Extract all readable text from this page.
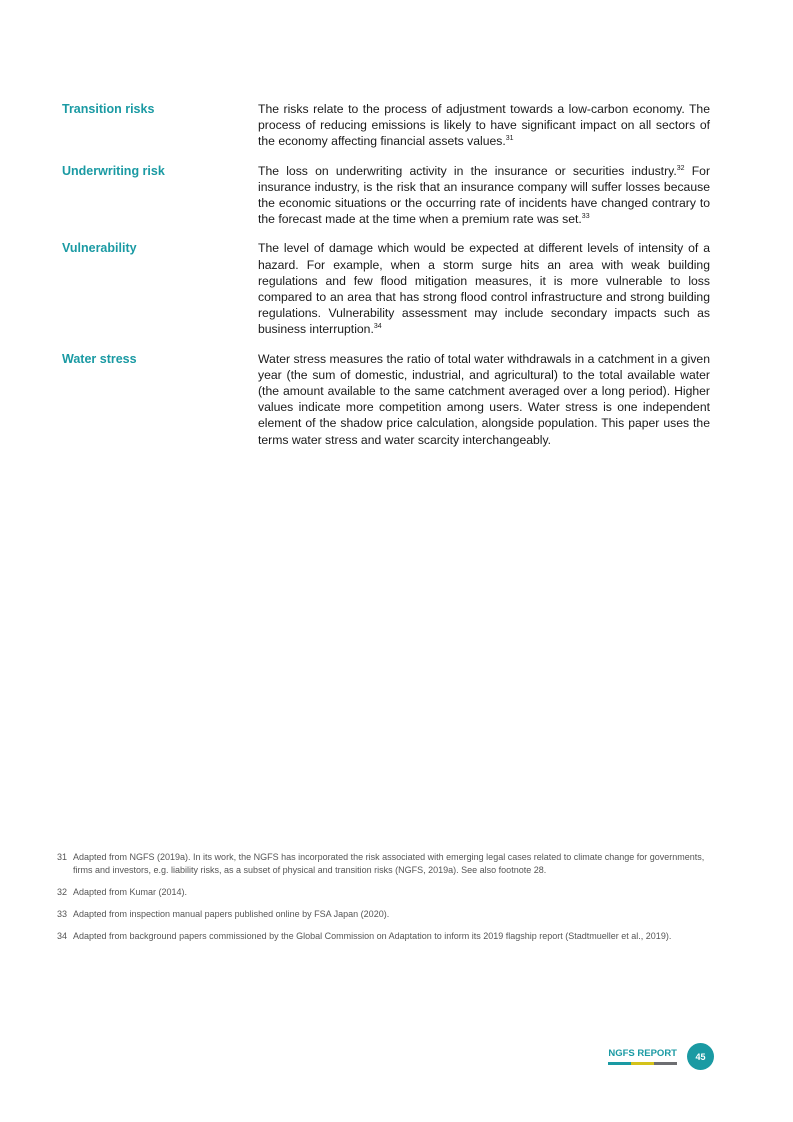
Transition risks	The risks relate to the process of adjustment towards a low-carbon economy. The process of reducing emissions is likely to have significant impact on all sectors of the economy affecting financial assets values.$^{31}$
Underwriting risk	The loss on underwriting activity in the insurance or securities industry.$^{32}$ For insurance industry, is the risk that an insurance company will suffer losses because the economic situations or the occurring rate of incidents have changed contrary to the forecast made at the time when a premium rate was set.$^{33}$
Vulnerability	The level of damage which would be expected at different levels of intensity of a hazard. For example, when a storm surge hits an area with weak building regulations and few flood mitigation measures, it is more vulnerable to loss compared to an area that has strong flood control infrastructure and strong building regulations. Vulnerability assessment may include secondary impacts such as business interruption.$^{34}$
Water stress	Water stress measures the ratio of total water withdrawals in a catchment in a given year (the sum of domestic, industrial, and agricultural) to the total available water (the amount available to the same catchment averaged over a long period). Higher values indicate more competition among users. Water stress is one independent element of the shadow price calculation, alongside population. This paper uses the terms water stress and water scarcity interchangeably.
31 Adapted from NGFS (2019a). In its work, the NGFS has incorporated the risk associated with emerging legal cases related to climate change for governments, firms and investors, e.g. liability risks, as a subset of physical and transition risks (NGFS, 2019a). See also footnote 28.
32 Adapted from Kumar (2014).
33 Adapted from inspection manual papers published online by FSA Japan (2020).
34 Adapted from background papers commissioned by the Global Commission on Adaptation to inform its 2019 flagship report (Stadtmueller et al., 2019).
NGFS REPORT	45
